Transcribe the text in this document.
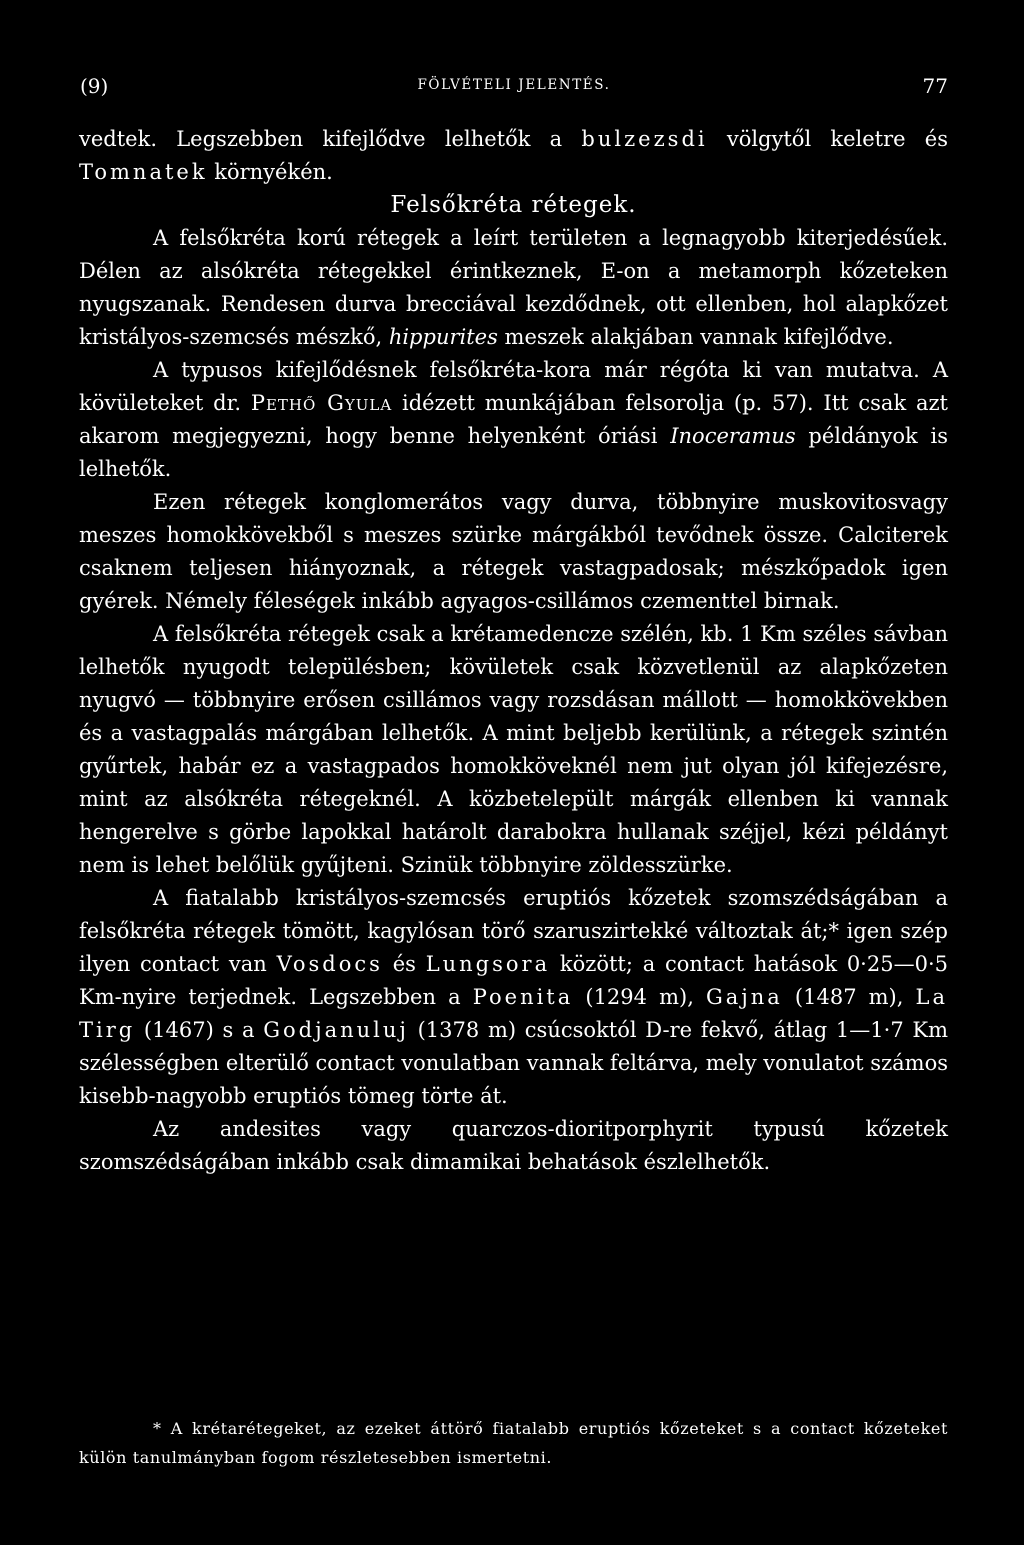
(9)	FÖLVÉTELI JELENTÉS.	77

vedtek. Legszebben kifejlődve lelhetők a bulzezsdi völgytől keletre és Tomnatek környékén.

Felsőkréta rétegek.

A felsőkréta korú rétegek a leírt területen a legnagyobb kiterjedésűek. Délen az alsókréta rétegekkel érintkeznek, E-on a metamorph kőzeteken nyugszanak. Rendesen durva brecciával kezdődnek, ott ellenben, hol alapkőzet kristályos-szemcsés mészkő, hippurites meszek alakjában vannak kifejlődve.

A typusos kifejlődésnek felsőkréta-kora már régóta ki van mutatva. A kövületeket dr. Pethő Gyula idézett munkájában felsorolja (p. 57). Itt csak azt akarom megjegyezni, hogy benne helyenként óriási Inoceramus példányok is lelhetők.

Ezen rétegek konglomerátos vagy durva, többnyire muskovitosvagy meszes homokkövekből s meszes szürke márgákból tevődnek össze. Calciterek csaknem teljesen hiányoznak, a rétegek vastagpadosak; mészkőpadok igen gyérek. Némely féleségek inkább agyagos-csillámos czementtel birnak.

A felsőkréta rétegek csak a krétamedencze szélén, kb. 1 Km széles sávban lelhetők nyugodt településben; kövületek csak közvetlenül az alapkőzeten nyugvó — többnyire erősen csillámos vagy rozsdásan mállott — homokkövekben és a vastagpalás márgában lelhetők. A mint beljebb kerülünk, a rétegek szintén gyűrtek, habár ez a vastagpados homokköveknél nem jut olyan jól kifejezésre, mint az alsókréta rétegeknél. A közbetelepült márgák ellenben ki vannak hengerelve s görbe lapokkal határolt darabokra hullanak széjjel, kézi példányt nem is lehet belőlük gyűjteni. Szinük többnyire zöldesszürke.

A fiatalabb kristályos-szemcsés eruptiós kőzetek szomszédságában a felsőkréta rétegek tömött, kagylósan törő szaruszirtekké változtak át;* igen szép ilyen contact van Vosdocs és Lungsora között; a contact hatások 0·25—0·5 Km-nyire terjednek. Legszebben a Poenita (1294 m), Gajna (1487 m), La Tirg (1467) s a Godjanuluj (1378 m) csúcsoktól D-re fekvő, átlag 1—1·7 Km szélességben elterülő contact vonulatban vannak feltárva, mely vonulatot számos kisebb-nagyobb eruptiós tömeg törte át.

Az andesites vagy quarczos-dioritporphyrit typusú kőzetek szomszédságában inkább csak dimamikai behatások észlelhetők.

* A krétarétegeket, az ezeket áttörő fiatalabb eruptiós kőzeteket s a contact kőzeteket külön tanulmányban fogom részletesebben ismertetni.
